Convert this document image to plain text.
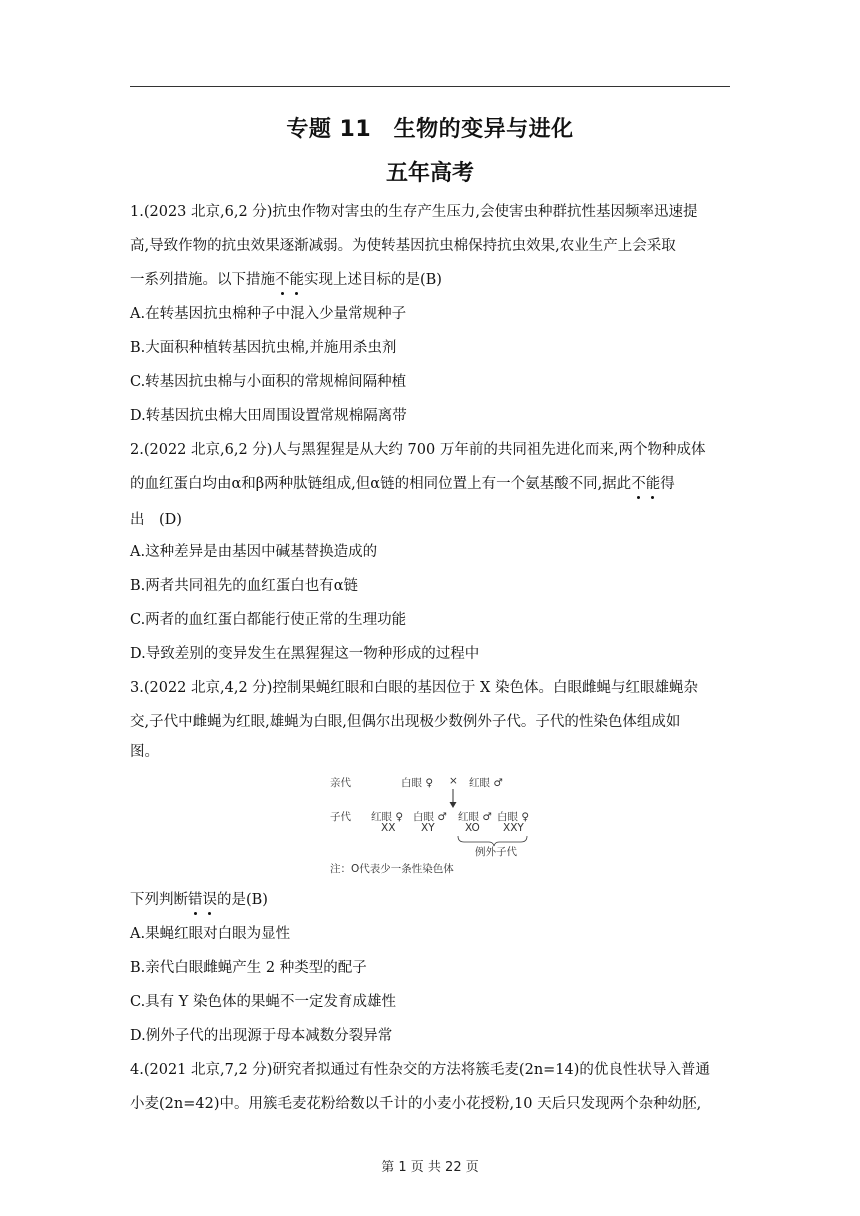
专题 11　生物的变异与进化
五年高考
1.(2023 北京,6,2 分)抗虫作物对害虫的生存产生压力,会使害虫种群抗性基因频率迅速提
高,导致作物的抗虫效果逐渐减弱。为使转基因抗虫棉保持抗虫效果,农业生产上会采取
一系列措施。以下措施不能实现上述目标的是(B)
A.在转基因抗虫棉种子中混入少量常规种子
B.大面积种植转基因抗虫棉,并施用杀虫剂
C.转基因抗虫棉与小面积的常规棉间隔种植
D.转基因抗虫棉大田周围设置常规棉隔离带
2.(2022 北京,6,2 分)人与黑猩猩是从大约 700 万年前的共同祖先进化而来,两个物种成体
的血红蛋白均由α和β两种肽链组成,但α链的相同位置上有一个氨基酸不同,据此不能得
出　(D)
A.这种差异是由基因中碱基替换造成的
B.两者共同祖先的血红蛋白也有α链
C.两者的血红蛋白都能行使正常的生理功能
D.导致差别的变异发生在黑猩猩这一物种形成的过程中
3.(2022 北京,4,2 分)控制果蝇红眼和白眼的基因位于 X 染色体。白眼雌蝇与红眼雄蝇杂
交,子代中雌蝇为红眼,雄蝇为白眼,但偶尔出现极少数例外子代。子代的性染色体组成如
图。
亲代	白眼 ♀ × 红眼 ♂
子代 红眼 ♀
XX
白眼 ♂
XY
红眼 ♂
XO
白眼 ♀
XXY
例外子代
注：O代表少一条性染色体
下列判断错误的是(B)
A.果蝇红眼对白眼为显性
B.亲代白眼雌蝇产生 2 种类型的配子
C.具有 Y 染色体的果蝇不一定发育成雄性
D.例外子代的出现源于母本减数分裂异常
4.(2021 北京,7,2 分)研究者拟通过有性杂交的方法将簇毛麦(2n=14)的优良性状导入普通
小麦(2n=42)中。用簇毛麦花粉给数以千计的小麦小花授粉,10 天后只发现两个杂种幼胚,
第 1 页 共 22 页
